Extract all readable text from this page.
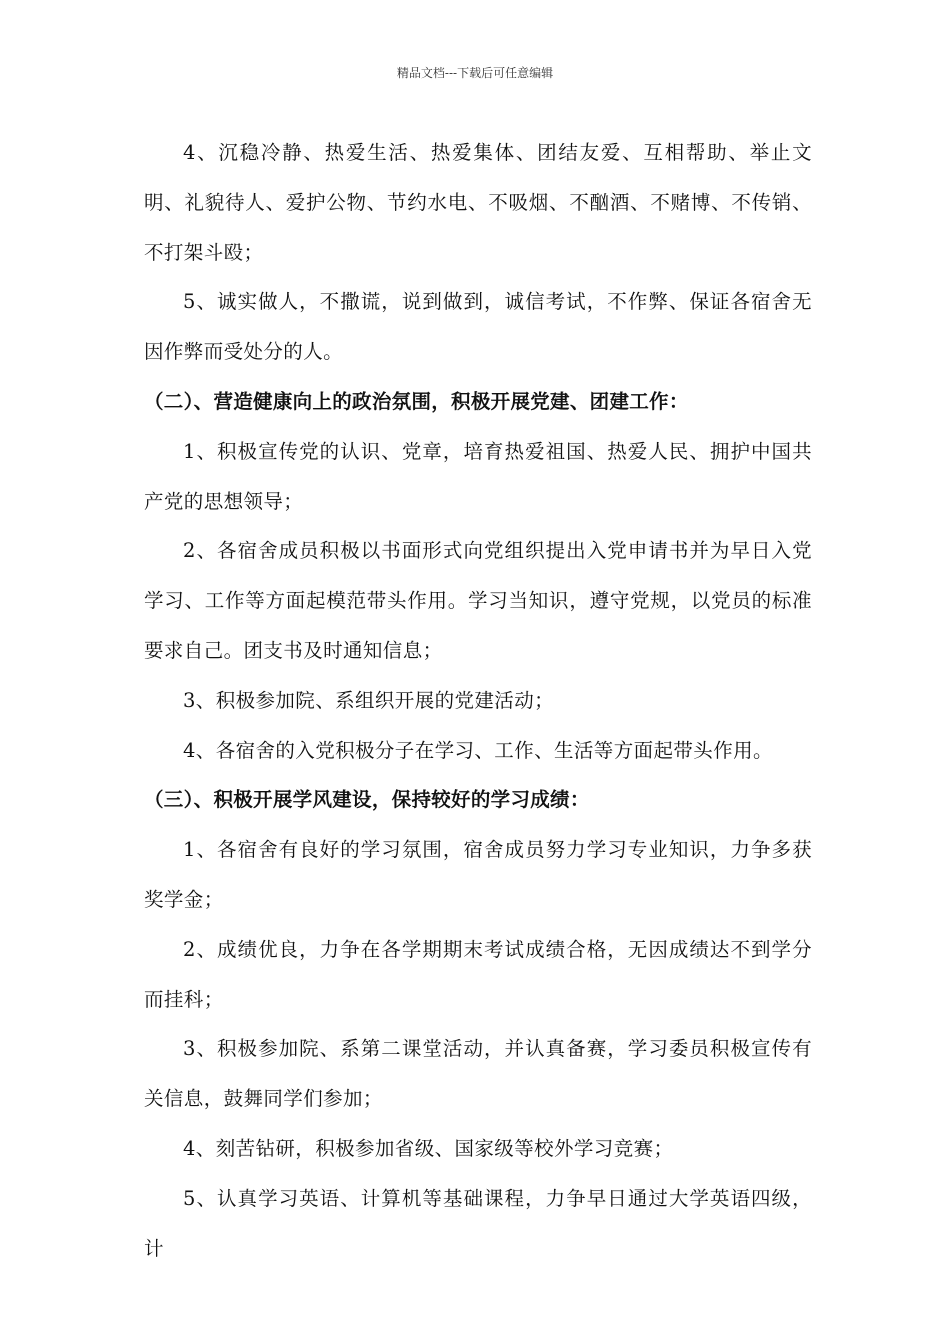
精品文档---下载后可任意编辑

4、沉稳冷静、热爱生活、热爱集体、团结友爱、互相帮助、举止文明、礼貌待人、爱护公物、节约水电、不吸烟、不酗酒、不赌博、不传销、不打架斗殴；

5、诚实做人，不撒谎，说到做到，诚信考试，不作弊、保证各宿舍无因作弊而受处分的人。

（二）、营造健康向上的政治氛围，积极开展党建、团建工作：

1、积极宣传党的认识、党章，培育热爱祖国、热爱人民、拥护中国共产党的思想领导；

2、各宿舍成员积极以书面形式向党组织提出入党申请书并为早日入党学习、工作等方面起模范带头作用。学习当知识，遵守党规，以党员的标准要求自己。团支书及时通知信息；

3、积极参加院、系组织开展的党建活动；

4、各宿舍的入党积极分子在学习、工作、生活等方面起带头作用。

（三）、积极开展学风建设，保持较好的学习成绩：

1、各宿舍有良好的学习氛围，宿舍成员努力学习专业知识，力争多获奖学金；

2、成绩优良，力争在各学期期末考试成绩合格，无因成绩达不到学分而挂科；

3、积极参加院、系第二课堂活动，并认真备赛，学习委员积极宣传有关信息，鼓舞同学们参加；

4、刻苦钻研，积极参加省级、国家级等校外学习竞赛；

5、认真学习英语、计算机等基础课程，力争早日通过大学英语四级，计
